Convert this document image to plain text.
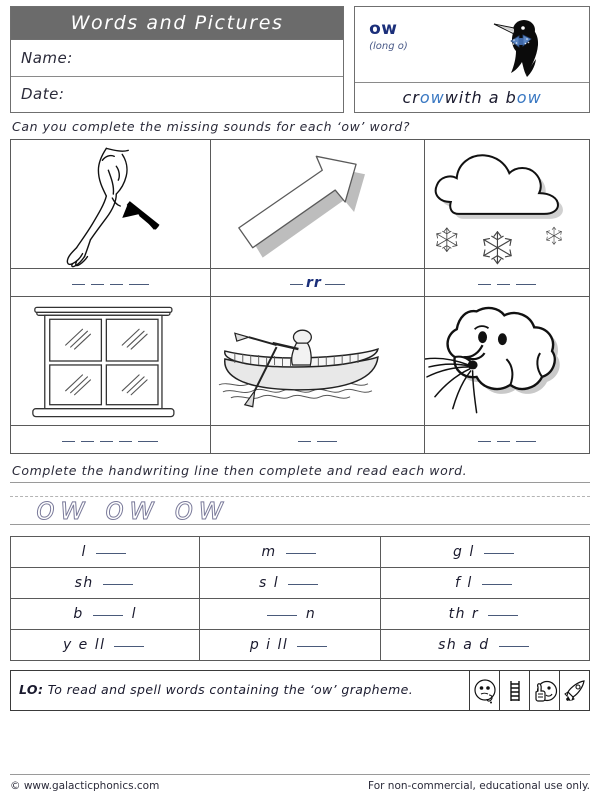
Words and Pictures
Name:
Date:
ow
(long o)
cr ow with a b ow
Can you complete the missing sounds for each ‘ow’ word?

	rr	

Complete the handwriting line then complete and read each word.
ow ow ow
l	m	g l
sh	s l	f l
b l	n	th r
y e ll	p i ll	sh a d
LO: To read and spell words containing the ‘ow’ grapheme.	

© www.galacticphonics.com	For non-commercial, educational use only.
